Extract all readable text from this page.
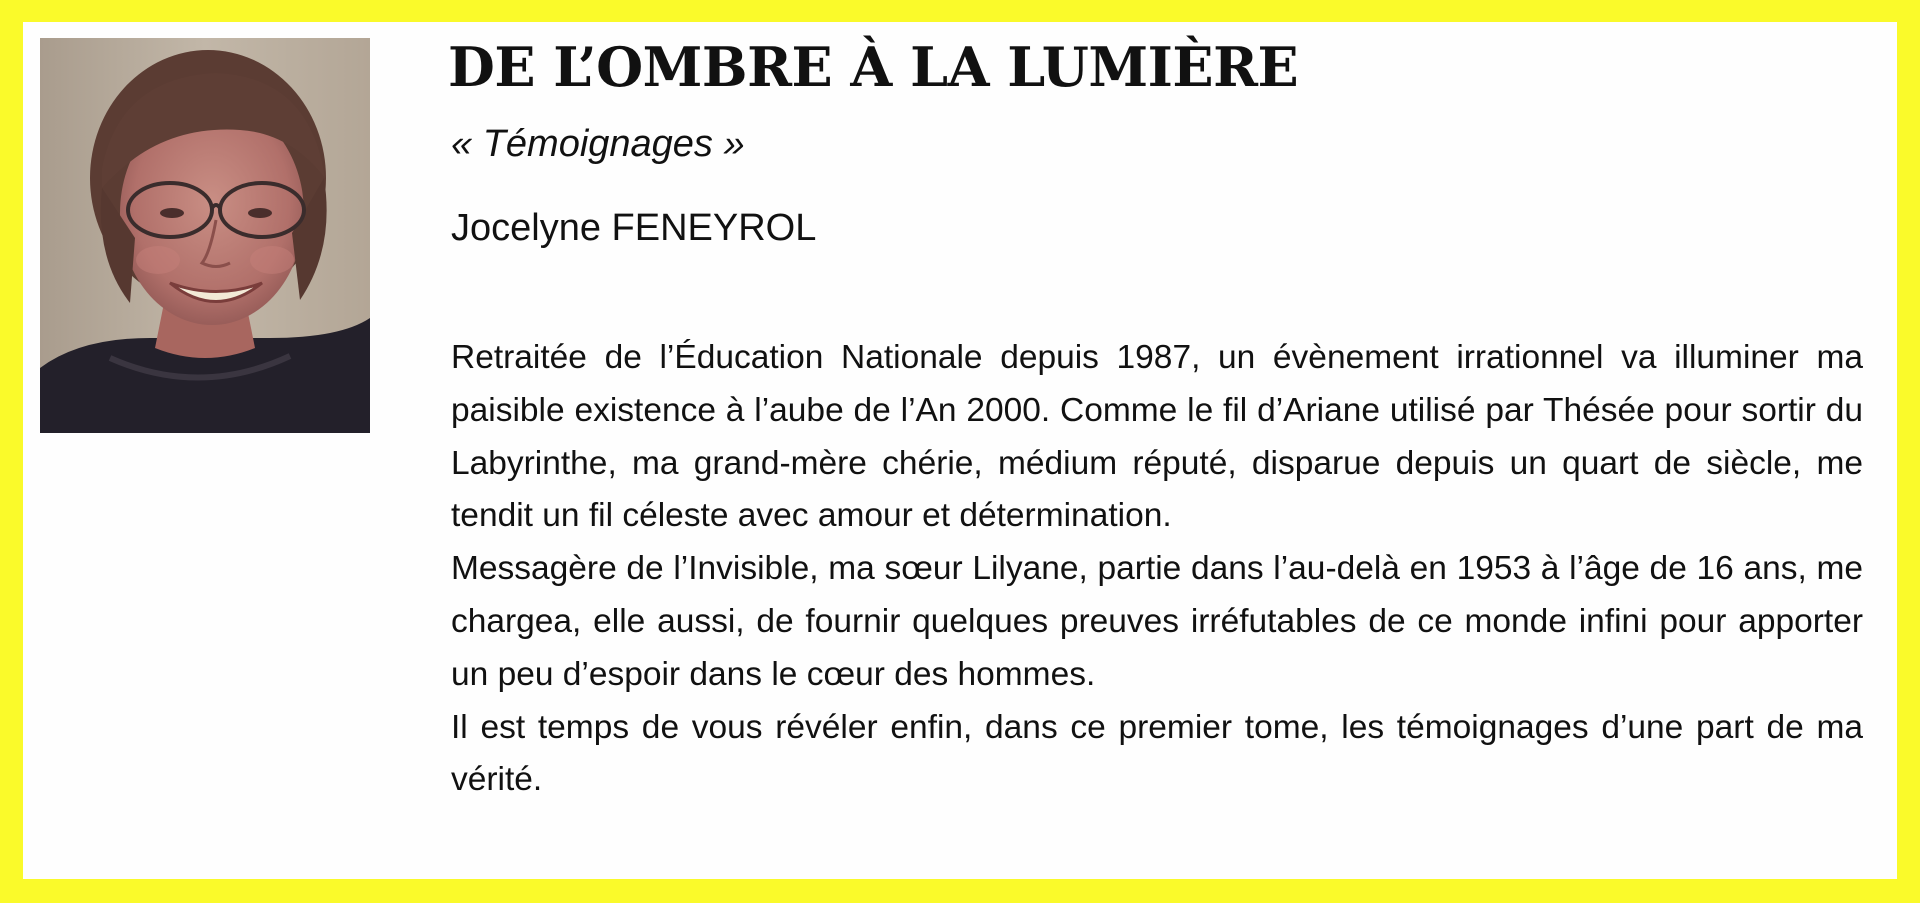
DE L’OMBRE À LA LUMIÈRE
« Témoignages »
Jocelyne FENEYROL

Retraitée de l’Éducation Nationale depuis 1987, un évènement irrationnel va illuminer ma paisible existence à l’aube de l’An 2000. Comme le fil d’Ariane utilisé par Thésée pour sortir du Labyrinthe, ma grand-mère chérie, médium réputé, disparue depuis un quart de siècle, me tendit un fil céleste avec amour et détermination.

Messagère de l’Invisible, ma sœur Lilyane, partie dans l’au-delà en 1953 à l’âge de 16 ans, me chargea, elle aussi, de fournir quelques preuves irréfutables de ce monde infini pour apporter un peu d’espoir dans le cœur des hommes.

Il est temps de vous révéler enfin, dans ce premier tome, les témoignages d’une part de ma vérité.
